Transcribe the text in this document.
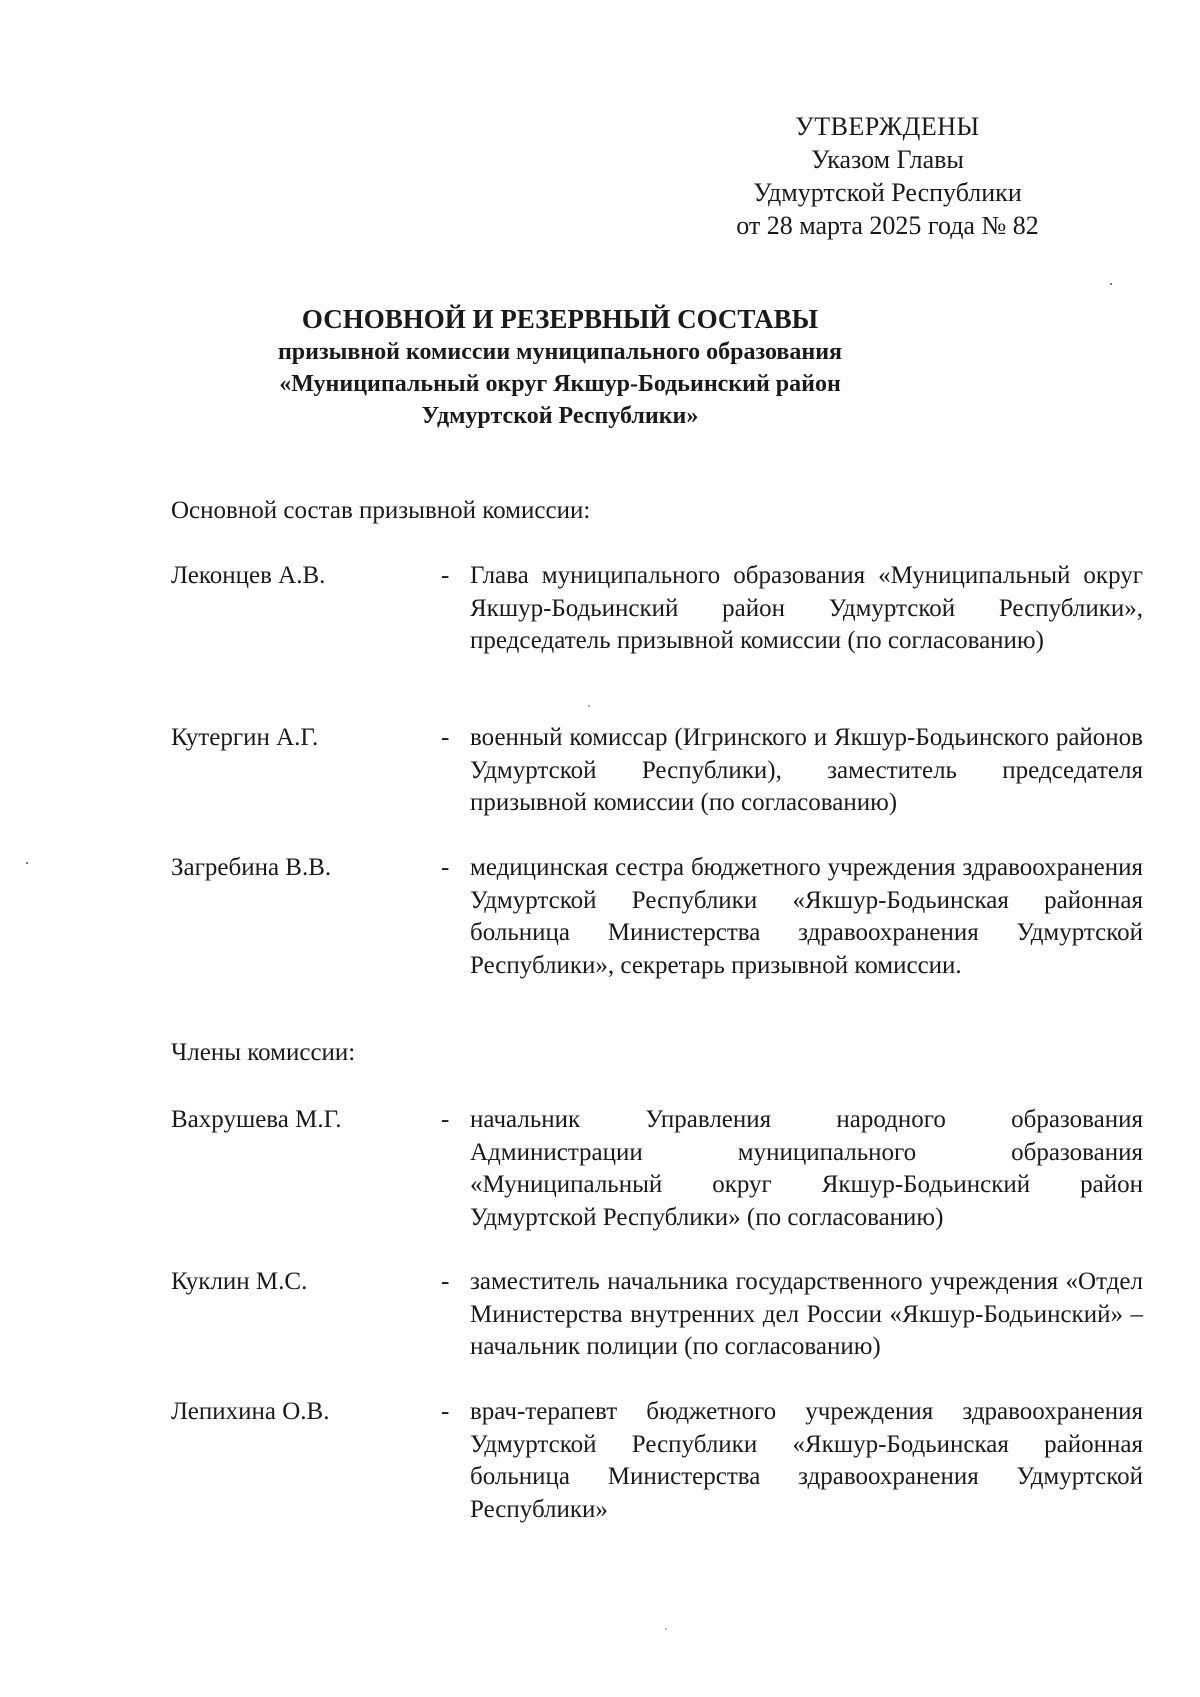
УТВЕРЖДЕНЫ
Указом Главы
Удмуртской Республики
от 28 марта 2025 года № 82
ОСНОВНОЙ И РЕЗЕРВНЫЙ СОСТАВЫ
призывной комиссии муниципального образования
«Муниципальный округ Якшур-Бодьинский район
Удмуртской Республики»
Основной состав призывной комиссии:
Леконцев А.В.	- Глава муниципального образования «Муниципальный округ Якшур-Бодьинский район Удмуртской Республики», председатель призывной комиссии (по согласованию)
Кутергин А.Г.	- военный комиссар (Игринского и Якшур-Бодьинского районов Удмуртской Республики), заместитель председателя призывной комиссии (по согласованию)
Загребина В.В.	- медицинская сестра бюджетного учреждения здравоохранения Удмуртской Республики «Якшур-Бодьинская районная больница Министерства здравоохранения Удмуртской Республики», секретарь призывной комиссии.
Члены комиссии:
Вахрушева М.Г.	- начальник Управления народного образования Администрации муниципального образования «Муниципальный округ Якшур-Бодьинский район Удмуртской Республики» (по согласованию)
Куклин М.С.	- заместитель начальника государственного учреждения «Отдел Министерства внутренних дел России «Якшур-Бодьинский» – начальник полиции (по согласованию)
Лепихина О.В.	- врач-терапевт бюджетного учреждения здравоохранения Удмуртской Республики «Якшур-Бодьинская районная больница Министерства здравоохранения Удмуртской Республики»
